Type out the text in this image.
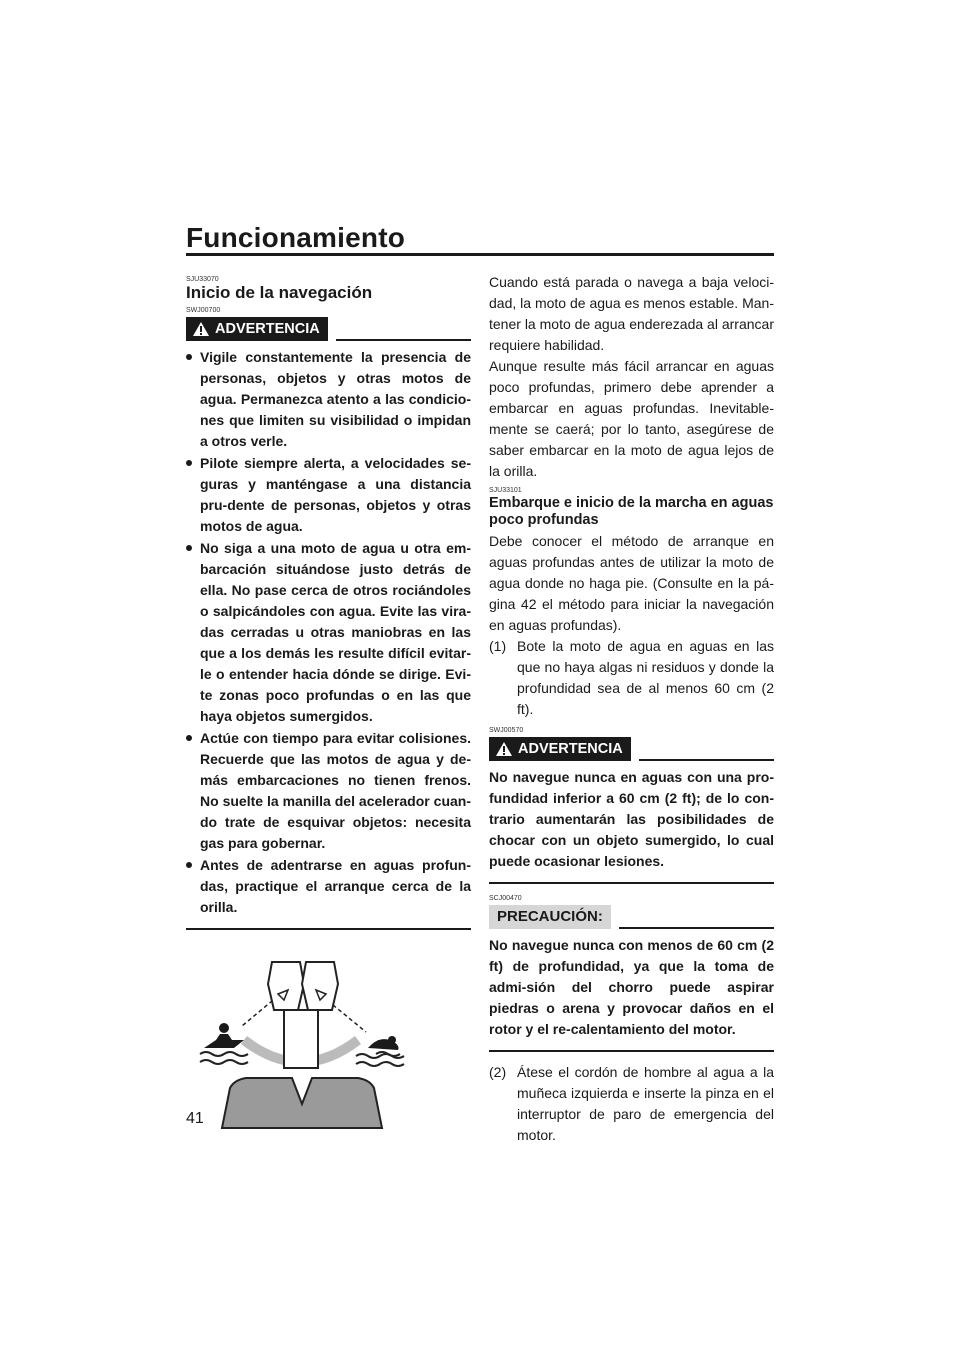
Funcionamiento

SJU33070

Inicio de la navegación

SWJ00700

ADVERTENCIA
Vigile constantemente la presencia de personas, objetos y otras motos de agua. Permanezca atento a las condicio-nes que limiten su visibilidad o impidan a otros verle.
Pilote siempre alerta, a velocidades se-guras y manténgase a una distancia pru-dente de personas, objetos y otras motos de agua.
No siga a una moto de agua u otra em-barcación situándose justo detrás de ella. No pase cerca de otros rociándoles o salpicándoles con agua. Evite las vira-das cerradas u otras maniobras en las que a los demás les resulte difícil evitar-le o entender hacia dónde se dirige. Evi-te zonas poco profundas o en las que haya objetos sumergidos.
Actúe con tiempo para evitar colisiones. Recuerde que las motos de agua y de-más embarcaciones no tienen frenos. No suelte la manilla del acelerador cuan-do trate de esquivar objetos: necesita gas para gobernar.
Antes de adentrarse en aguas profun-das, practique el arranque cerca de la orilla.

Cuando está parada o navega a baja veloci-dad, la moto de agua es menos estable. Man-tener la moto de agua enderezada al arrancar requiere habilidad.

Aunque resulte más fácil arrancar en aguas poco profundas, primero debe aprender a embarcar en aguas profundas. Inevitable-mente se caerá; por lo tanto, asegúrese de saber embarcar en la moto de agua lejos de la orilla.

SJU33101

Embarque e inicio de la marcha en aguas poco profundas

Debe conocer el método de arranque en aguas profundas antes de utilizar la moto de agua donde no haga pie. (Consulte en la pá-gina 42 el método para iniciar la navegación en aguas profundas).

(1) Bote la moto de agua en aguas en las que no haya algas ni residuos y donde la profundidad sea de al menos 60 cm (2 ft).

SWJ00570

ADVERTENCIA

No navegue nunca en aguas con una pro-fundidad inferior a 60 cm (2 ft); de lo con-trario aumentarán las posibilidades de chocar con un objeto sumergido, lo cual puede ocasionar lesiones.

SCJ00470

PRECAUCIÓN:

No navegue nunca con menos de 60 cm (2 ft) de profundidad, ya que la toma de admi-sión del chorro puede aspirar piedras o arena y provocar daños en el rotor y el re-calentamiento del motor.

(2) Átese el cordón de hombre al agua a la muñeca izquierda e inserte la pinza en el interruptor de paro de emergencia del motor.
41
